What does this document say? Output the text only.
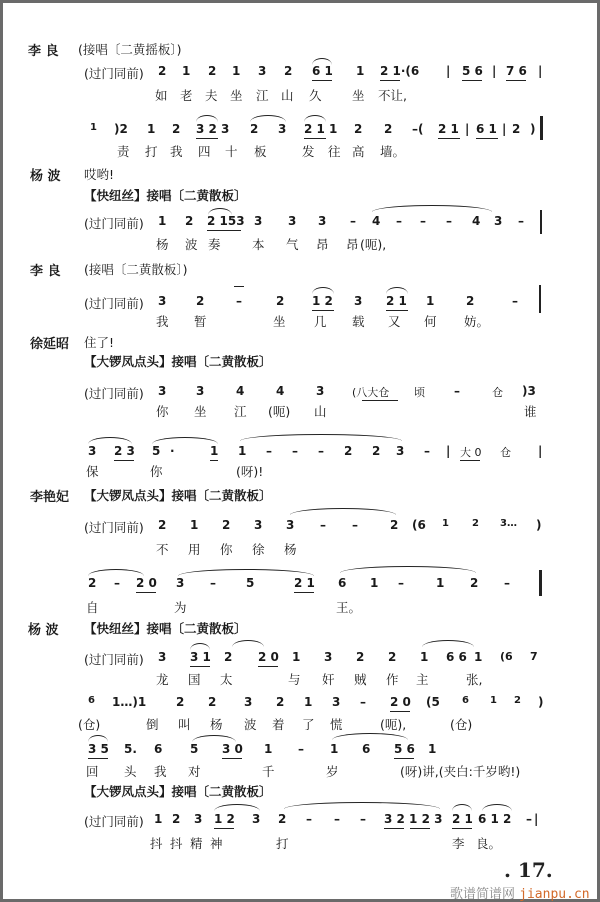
李 良 (接唱〔二黄摇板〕)
(过门同前) 2 1 2 1 3 2 6 1 1 2 1·(6 | 5 6 | 7 6 |
如 老 夫 坐 江 山 久 坐 不让,
1 )2 1 2 3 2 3 2 3 2 1 1 2 2 –( 2 1 | 6 1 | 2 )
责 打 我 四 十 板	发 往 高 墙。
杨 波 哎哟!
【快纽丝】接唱〔二黄散板〕
(过门同前) 1 2 2 153 3 3 3 – 4 – – – 4 3 –
杨 波 奏	本 气 昂 昂 (呃),
李 良 (接唱〔二黄散板〕)
(过门同前) 3 2	–	2 1 2 3 2 1 1	2	–
我 暂	坐 几 载 又 何 妨。
徐延昭 住了!
【大锣凤点头】接唱〔二黄散板〕
(过门同前) 3 3	4	4	3	(八大仓 顷 –	仓 )3
你 坐 江 (呃) 山	谁
3 2 3 5 ·	1 1 – – – 2 2 3 – | 大 0 仓 |
保	你	(呀)!
李艳妃 【大锣凤点头】接唱〔二黄散板〕
(过门同前) 2 1 2 3 3 – –	2 (6 1 2 3… )
不 用 你 徐 杨
2 – 2 0 3 –	5	2 1 6 1 –	1 2 –
自	为	王。
杨 波 【快纽丝】接唱〔二黄散板〕
(过门同前) 3 3 1 2 2 0 1 3 2 2 1 6 6 1 (6 7
龙 国 太	与 奸 贼 作 主	张,
6 1…)1 2 2 3 2 1 3 – 2 0 (5 6 1 2 )
(仓)	倒 叫 杨 波 着 了 慌	(呃),	(仓)
3 5 5. 6 5 3 0 1 – 1 6 5 6 1
回 头 我 对	千	岁	(呀)讲,(夹白:千岁哟!)
【大锣凤点头】接唱〔二黄散板〕
(过门同前) 1 2 3 1 2 3 2 – – – 3 2 1 2 3 2 1 6 1 2 – |
抖 抖 精 神	打	李 良。
. 17.
歌谱简谱网 jianpu.cn
